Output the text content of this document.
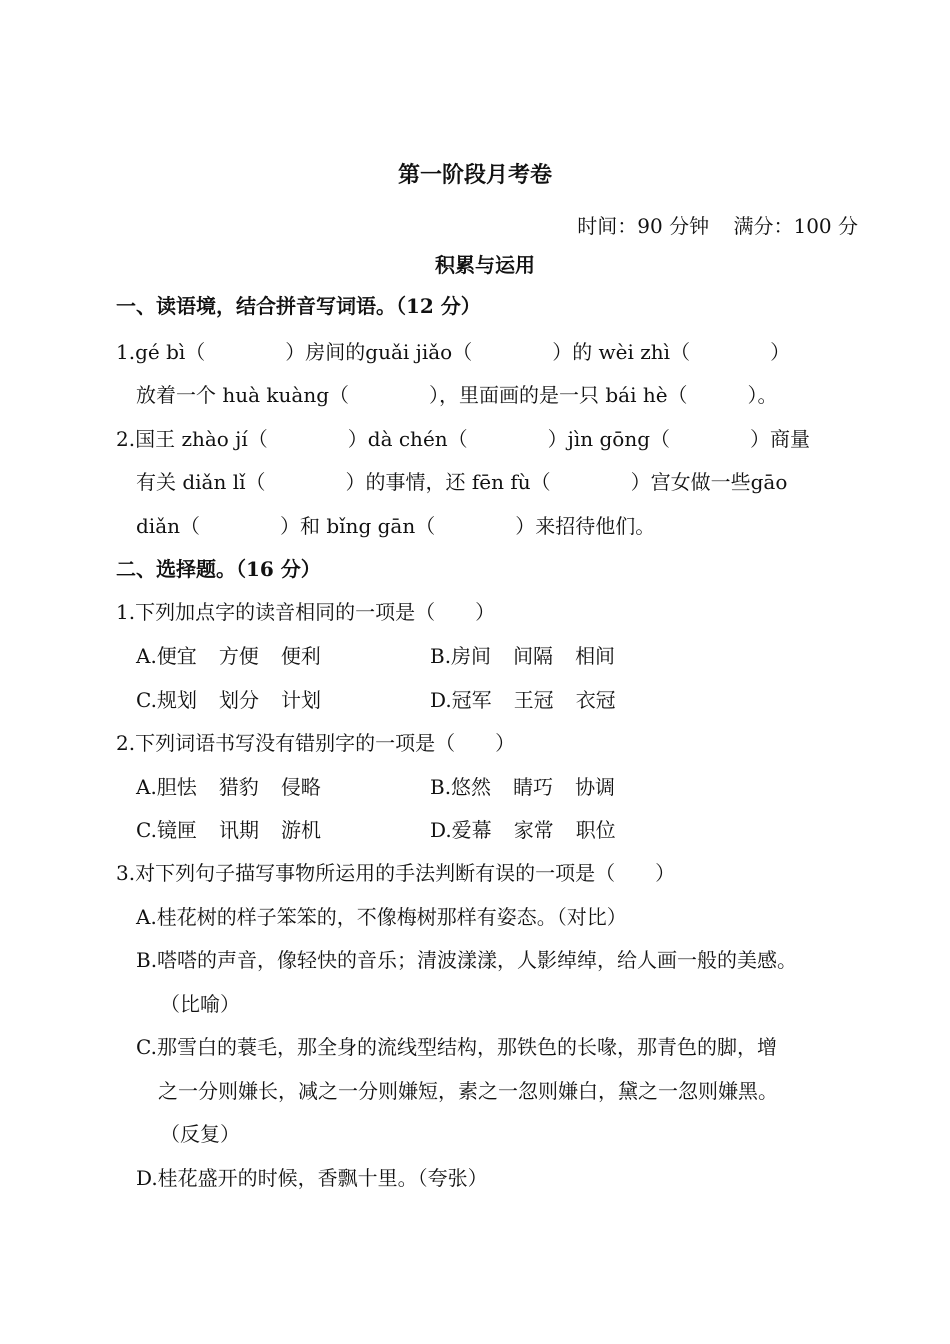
第一阶段月考卷
时间：90 分钟 满分：100 分
积累与运用
一、读语境，结合拼音写词语。（12 分）
1.gé bì（　　　　）房间的guǎi jiǎo（　　　　）的 wèi zhì（　　　　）
放着一个 huà kuàng（　　　　），里面画的是一只 bái hè（　　　）。
2.国王 zhào jí（　　　　）dà chén（　　　　）jìn gōng（　　　　）商量
有关 diǎn lǐ（　　　　）的事情，还 fēn fù（　　　　）宫女做一些gāo
diǎn（　　　　）和 bǐng gān（　　　　）来招待他们。
二、选择题。（16 分）
1.下列加点字的读音相同的一项是（　　）
A.便宜 方便 便利	B.房间 间隔 相间
C.规划 划分 计划	D.冠军 王冠 衣冠
2.下列词语书写没有错别字的一项是（　　）
A.胆怯 猎豹 侵略	B.悠然 睛巧 协调
C.镜匣 讯期 游机	D.爱幕 家常 职位
3.对下列句子描写事物所运用的手法判断有误的一项是（　　）
A.桂花树的样子笨笨的，不像梅树那样有姿态。（对比）
B.嗒嗒的声音，像轻快的音乐；清波漾漾，人影绰绰，给人画一般的美感。
（比喻）
C.那雪白的蓑毛，那全身的流线型结构，那铁色的长喙，那青色的脚，增
之一分则嫌长，减之一分则嫌短，素之一忽则嫌白，黛之一忽则嫌黑。
（反复）
D.桂花盛开的时候，香飘十里。（夸张）
